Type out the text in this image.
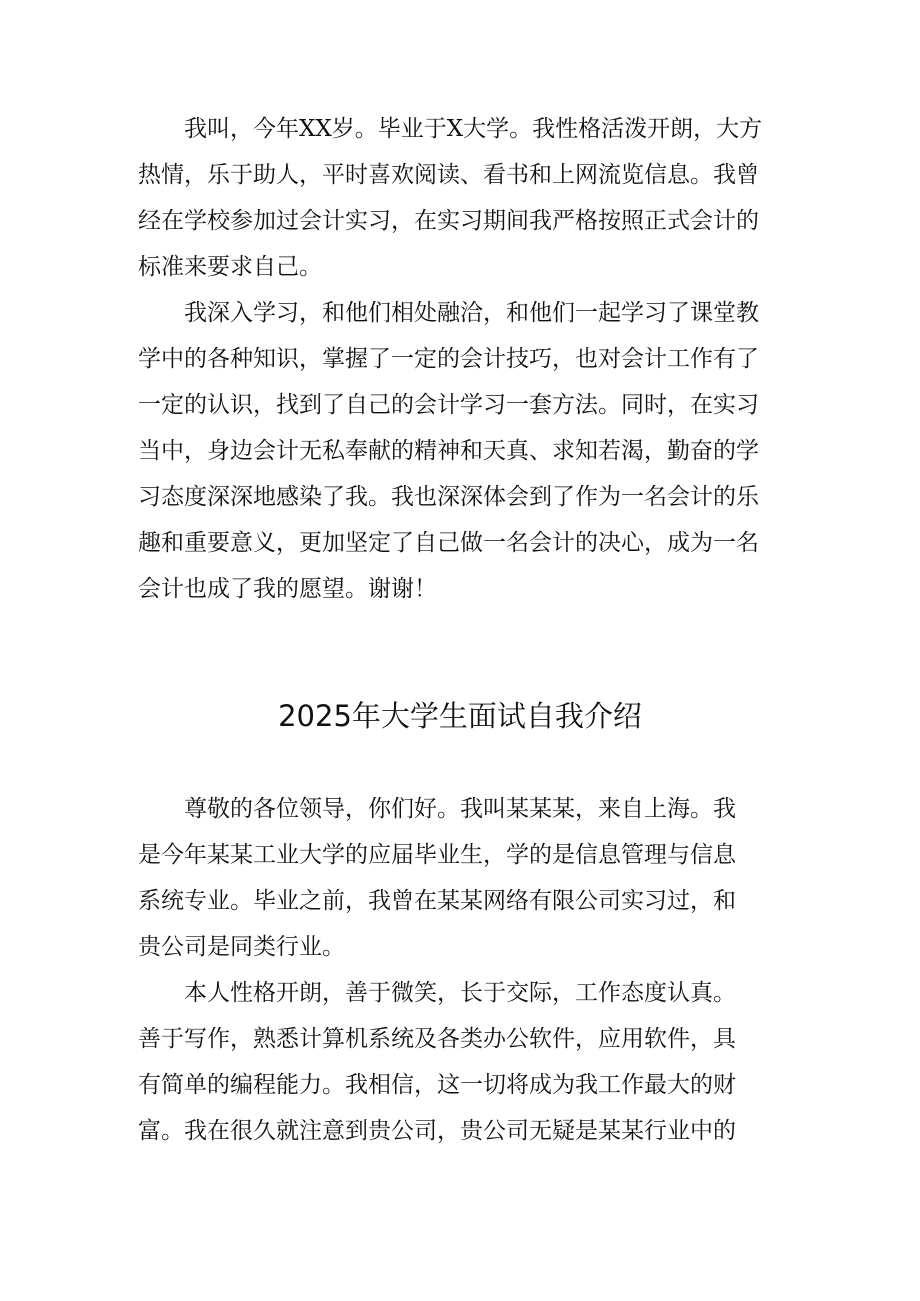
我叫，今年XX岁。毕业于X大学。我性格活泼开朗，大方
热情，乐于助人，平时喜欢阅读、看书和上网流览信息。我曾
经在学校参加过会计实习，在实习期间我严格按照正式会计的
标准来要求自己。
我深入学习，和他们相处融洽，和他们一起学习了课堂教
学中的各种知识，掌握了一定的会计技巧，也对会计工作有了
一定的认识，找到了自己的会计学习一套方法。同时，在实习
当中，身边会计无私奉献的精神和天真、求知若渴，勤奋的学
习态度深深地感染了我。我也深深体会到了作为一名会计的乐
趣和重要意义，更加坚定了自己做一名会计的决心，成为一名
会计也成了我的愿望。谢谢！
2025年大学生面试自我介绍
尊敬的各位领导，你们好。我叫某某某，来自上海。我
是今年某某工业大学的应届毕业生，学的是信息管理与信息
系统专业。毕业之前，我曾在某某网络有限公司实习过，和
贵公司是同类行业。
本人性格开朗，善于微笑，长于交际，工作态度认真。
善于写作，熟悉计算机系统及各类办公软件，应用软件，具
有简单的编程能力。我相信，这一切将成为我工作最大的财
富。我在很久就注意到贵公司，贵公司无疑是某某行业中的
